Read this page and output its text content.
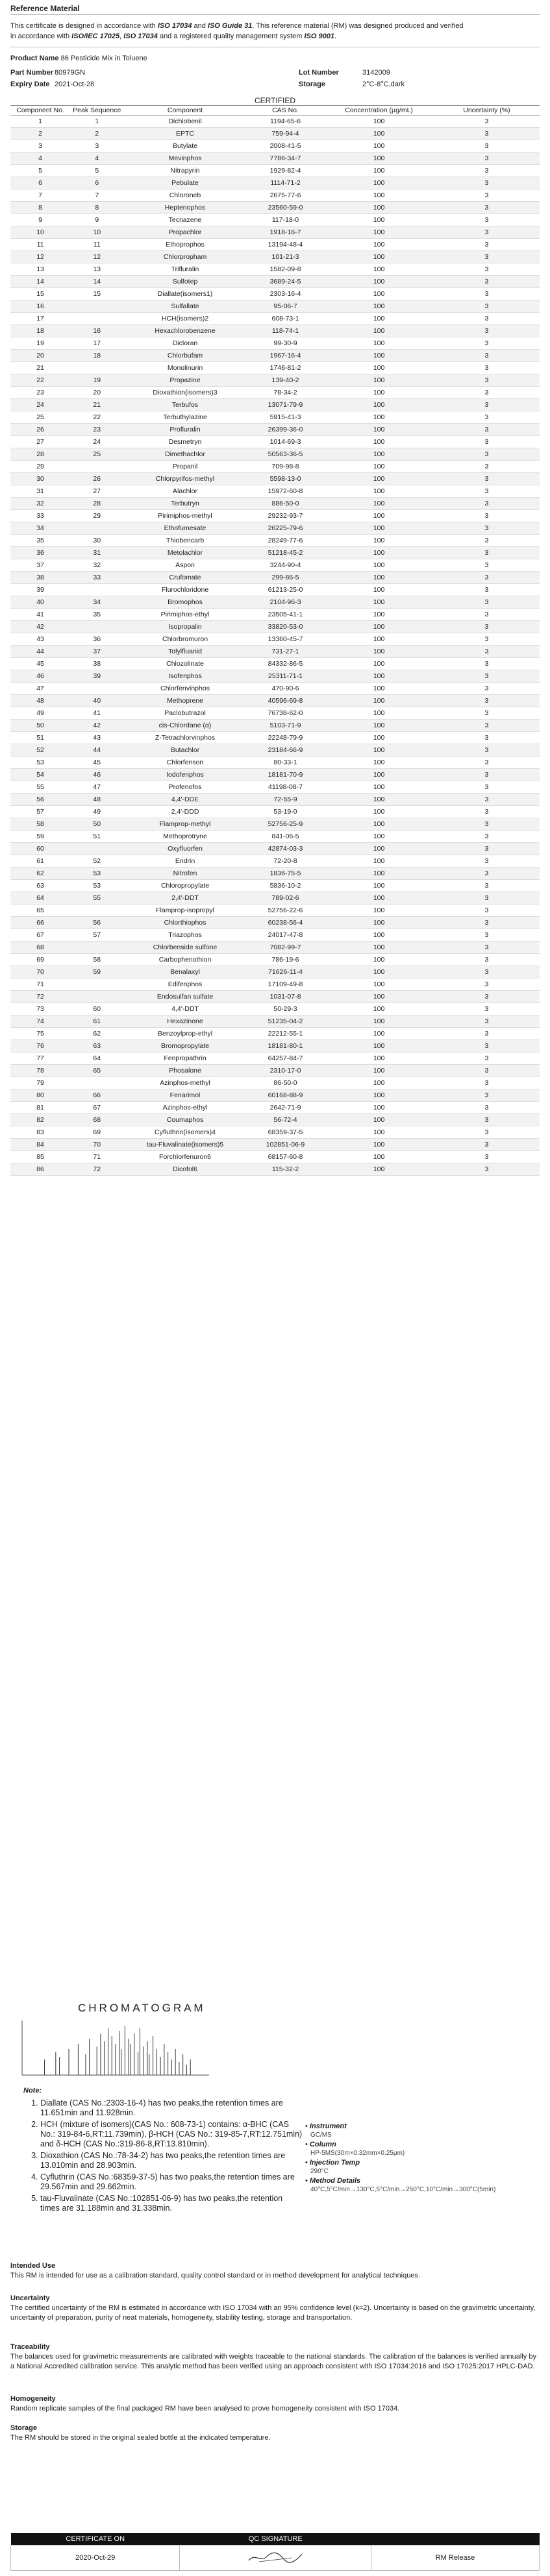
Reference Material
This certificate is designed in accordance with ISO 17034 and ISO Guide 31. This reference material (RM) was designed produced and verified
in accordance with ISO/IEC 17025, ISO 17034 and a registered quality management system ISO 9001.
Product Name 86 Pesticide Mix in Toluene
Part Number 80979GN
Expiry Date 2021-Oct-28
Lot Number	3142009
Storage	2°C-8°C,dark
CERTIFIED
Component No.	Peak Sequence	Component	CAS No.	Concentration (μg/mL)	Uncertainty (%)
1	1	Dichlobenil	1194-65-6	100	3
2	2	EPTC	759-94-4	100	3
3	3	Butylate	2008-41-5	100	3
4	4	Mevinphos	7786-34-7	100	3
5	5	Nitrapyrin	1929-82-4	100	3
6	6	Pebulate	1114-71-2	100	3
7	7	Chloroneb	2675-77-6	100	3
8	8	Heptenophos	23560-59-0	100	3
9	9	Tecnazene	117-18-0	100	3
10	10	Propachlor	1918-16-7	100	3
11	11	Ethoprophos	13194-48-4	100	3
12	12	Chlorpropham	101-21-3	100	3
13	13	Trifluralin	1582-09-8	100	3
14	14	Sulfotep	3689-24-5	100	3
15	15	Diallate(isomers1)	2303-16-4	100	3
16		Sulfallate	95-06-7	100	3
17		HCH(isomers)2	608-73-1	100	3
18	16	Hexachlorobenzene	118-74-1	100	3
19	17	Dicloran	99-30-9	100	3
20	18	Chlorbufam	1967-16-4	100	3
21		Monolinurin	1746-81-2	100	3
22	19	Propazine	139-40-2	100	3
23	20	Dioxathion(isomers)3	78-34-2	100	3
24	21	Terbufos	13071-79-9	100	3
25	22	Terbuthylazine	5915-41-3	100	3
26	23	Profluralin	26399-36-0	100	3
27	24	Desmetryn	1014-69-3	100	3
28	25	Dimethachlor	50563-36-5	100	3
29		Propanil	709-98-8	100	3
30	26	Chlorpyrifos-methyl	5598-13-0	100	3
31	27	Alachlor	15972-60-8	100	3
32	28	Terbutryn	886-50-0	100	3
33	29	Pirimiphos-methyl	29232-93-7	100	3
34		Ethofumesate	26225-79-6	100	3
35	30	Thiobencarb	28249-77-6	100	3
36	31	Metolachlor	51218-45-2	100	3
37	32	Aspon	3244-90-4	100	3
38	33	Crufomate	299-86-5	100	3
39		Flurochloridone	61213-25-0	100	3
40	34	Bromophos	2104-96-3	100	3
41	35	Pirimiphos-ethyl	23505-41-1	100	3
42		Isopropalin	33820-53-0	100	3
43	36	Chlorbromuron	13360-45-7	100	3
44	37	Tolylfluanid	731-27-1	100	3
45	38	Chlozolinate	84332-86-5	100	3
46	39	Isofenphos	25311-71-1	100	3
47		Chlorfenvinphos	470-90-6	100	3
48	40	Methoprene	40596-69-8	100	3
49	41	Paclobutrazol	76738-62-0	100	3
50	42	cis-Chlordane (α)	5103-71-9	100	3
51	43	Z-Tetrachlorvinphos	22248-79-9	100	3
52	44	Butachlor	23184-66-9	100	3
53	45	Chlorfenson	80-33-1	100	3
54	46	Iodofenphos	18181-70-9	100	3
55	47	Profenofos	41198-08-7	100	3
56	48	4,4'-DDE	72-55-9	100	3
57	49	2,4'-DDD	53-19-0	100	3
58	50	Flamprop-methyl	52756-25-9	100	3
59	51	Methoprotryne	841-06-5	100	3
60		Oxyfluorfen	42874-03-3	100	3
61	52	Endrin	72-20-8	100	3
62	53	Nitrofen	1836-75-5	100	3
63	53	Chloropropylate	5836-10-2	100	3
64	55	2,4'-DDT	789-02-6	100	3
65		Flamprop-isopropyl	52756-22-6	100	3
66	56	Chlorthiophos	60238-56-4	100	3
67	57	Triazophos	24017-47-8	100	3
68		Chlorbenside sulfone	7082-99-7	100	3
69	58	Carbophenothion	786-19-6	100	3
70	59	Benalaxyl	71626-11-4	100	3
71		Edifenphos	17109-49-8	100	3
72		Endosulfan sulfate	1031-07-8	100	3
73	60	4,4'-DDT	50-29-3	100	3
74	61	Hexazinone	51235-04-2	100	3
75	62	Benzoylprop-ethyl	22212-55-1	100	3
76	63	Bromopropylate	18181-80-1	100	3
77	64	Fenpropathrin	64257-84-7	100	3
78	65	Phosalone	2310-17-0	100	3
79		Azinphos-methyl	86-50-0	100	3
80	66	Fenarimol	60168-88-9	100	3
81	67	Azinphos-ethyl	2642-71-9	100	3
82	68	Coumaphos	56-72-4	100	3
83	69	Cyfluthrin(isomers)4	68359-37-5	100	3
84	70	tau-Fluvalinate(isomers)5	102851-06-9	100	3
85	71	Forchlorfenuron6	68157-60-8	100	3
86	72	Dicofol6	115-32-2	100	3
CHROMATOGRAM
Note:
1. Diallate (CAS No.:2303-16-4) has two peaks,the retention times are 11.651min and 11.928min.
2. HCH (mixture of isomers)(CAS No.: 608-73-1) contains: α-BHC (CAS No.: 319-84-6,RT:11.739min), β-HCH (CAS No.: 319-85-7,RT:12.751min) and δ-HCH (CAS No.:319-86-8,RT:13.810min).
3. Dioxathion (CAS No.:78-34-2) has two peaks,the retention times are 13.010min and 28.903min.
4. Cyfluthrin (CAS No.:68359-37-5) has two peaks,the retention times are 29.567min and 29.662min.
5. tau-Fluvalinate (CAS No.:102851-06-9) has two peaks,the retention times are 31.188min and 31.338min.
• Instrument
GC/MS
• Column
HP-5MS(30m×0.32mm×0.25μm)
• Injection Temp
290°C
• Method Details
40°C,5°C/min→130°C,5°C/min→250°C,10°C/min→300°C(5min)
Intended Use
This RM is intended for use as a calibration standard, quality control standard or in method development for analytical techniques.
Uncertainty
The certified uncertainty of the RM is estimated in accordance with ISO 17034 with an 95% confidence level (k=2). Uncertainty is based on the gravimetric uncertainty, uncertainty of preparation, purity of neat materials, homogeneity, stability testing, storage and transportation.
Traceability
The balances used for gravimetric measurements are calibrated with weights traceable to the national standards. The calibration of the balances is verified annually by a National Accredited calibration service. This analytic method has been verified using an approach consistent with ISO 17034:2016 and ISO 17025:2017 HPLC-DAD.
Homogeneity
Random replicate samples of the final packaged RM have been analysed to prove homogeneity consistent with ISO 17034.
Storage
The RM should be stored in the original sealed bottle at the indicated temperature.
CERTIFICATE ON	QC SIGNATURE	
2020-Oct-29		RM Release
